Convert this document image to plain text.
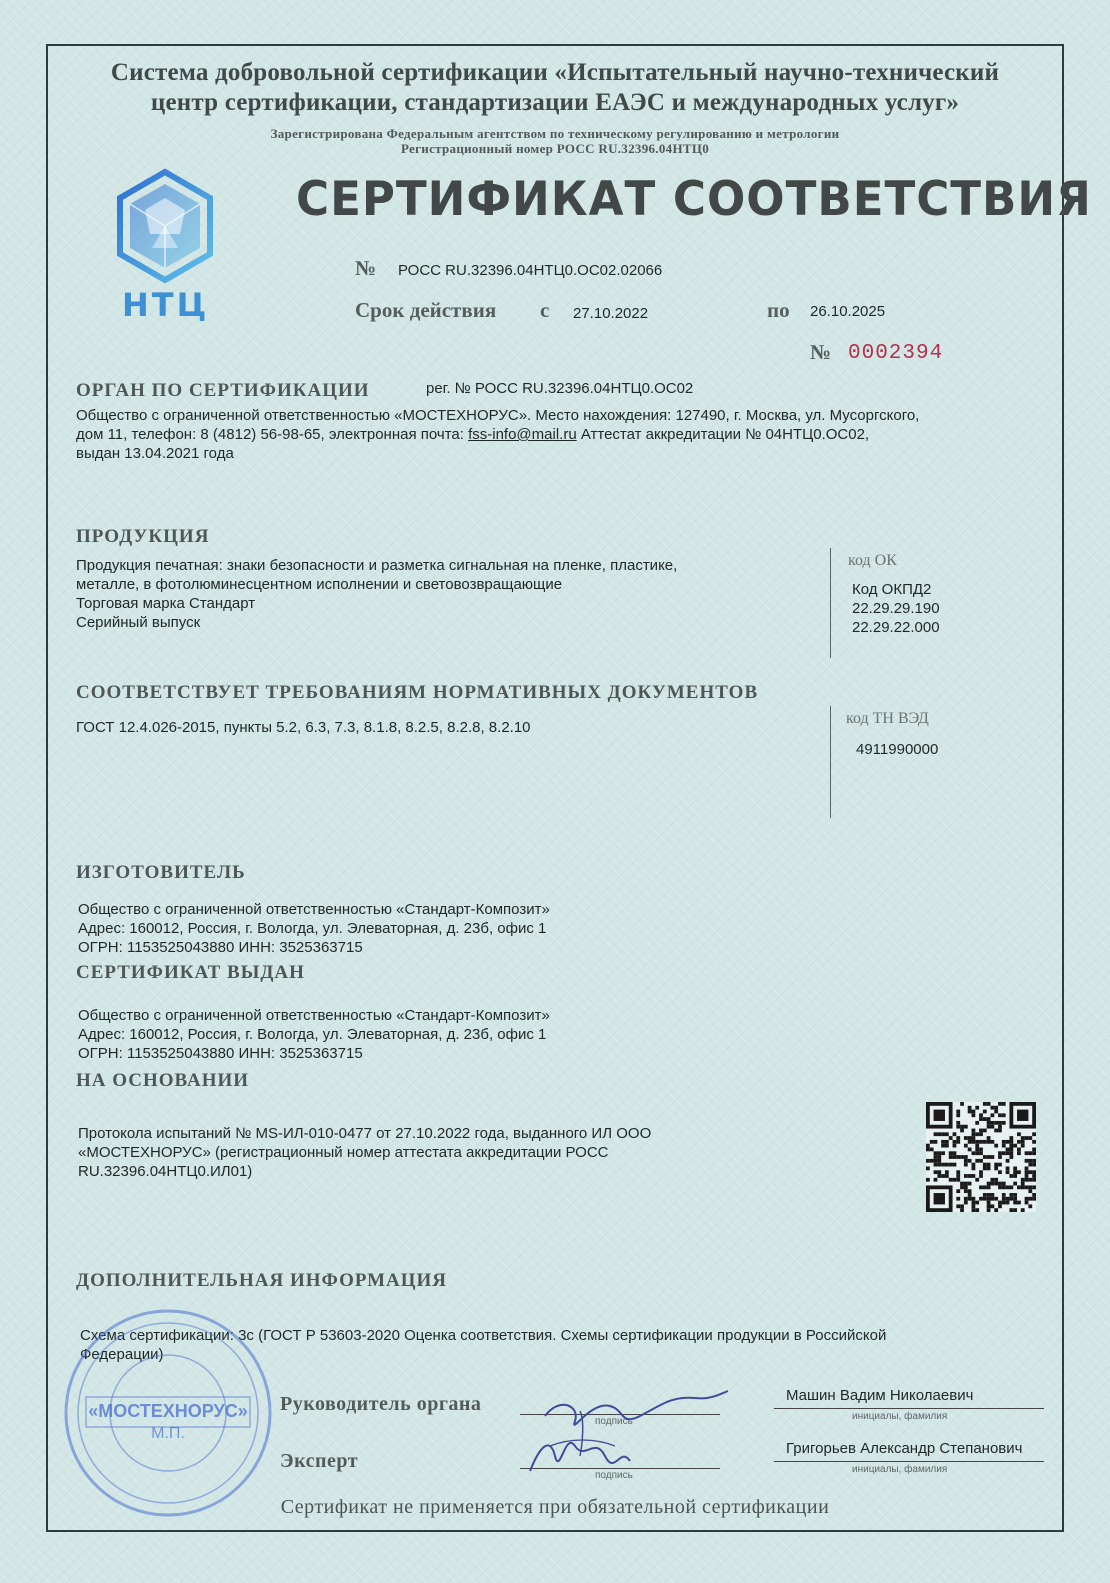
Система добровольной сертификации «Испытательный научно-технический
центр сертификации, стандартизации ЕАЭС и международных услуг»
Зарегистрирована Федеральным агентством по техническому регулированию и метрологии
Регистрационный номер РОСС RU.32396.04НТЦ0
НТЦ
СЕРТИФИКАТ СООТВЕТСТВИЯ
№ РОСС RU.32396.04НТЦ0.ОС02.02066
Срок действия с 27.10.2022	по 26.10.2025
№ 0002394
ОРГАН ПО СЕРТИФИКАЦИИ	рег. № РОСС RU.32396.04НТЦ0.ОС02
Общество с ограниченной ответственностью «МОСТЕХНОРУС». Место нахождения: 127490, г. Москва, ул. Мусоргского,
дом 11, телефон: 8 (4812) 56-98-65, электронная почта: fss-info@mail.ru Аттестат аккредитации № 04НТЦ0.ОС02,
выдан 13.04.2021 года
ПРОДУКЦИЯ
Продукция печатная: знаки безопасности и разметка сигнальная на пленке, пластике,
металле, в фотолюминесцентном исполнении и световозвращающие
Торговая марка Стандарт
Серийный выпуск
код ОК
Код ОКПД2
22.29.29.190
22.29.22.000
СООТВЕТСТВУЕТ ТРЕБОВАНИЯМ НОРМАТИВНЫХ ДОКУМЕНТОВ
ГОСТ 12.4.026-2015, пункты 5.2, 6.3, 7.3, 8.1.8, 8.2.5, 8.2.8, 8.2.10
код ТН ВЭД
4911990000
ИЗГОТОВИТЕЛЬ
Общество с ограниченной ответственностью «Стандарт-Композит»
Адрес: 160012, Россия, г. Вологда, ул. Элеваторная, д. 23б, офис 1
ОГРН: 1153525043880 ИНН: 3525363715
СЕРТИФИКАТ ВЫДАН
Общество с ограниченной ответственностью «Стандарт-Композит»
Адрес: 160012, Россия, г. Вологда, ул. Элеваторная, д. 23б, офис 1
ОГРН: 1153525043880 ИНН: 3525363715
НА ОСНОВАНИИ
Протокола испытаний № MS-ИЛ-010-0477 от 27.10.2022 года, выданного ИЛ ООО
«МОСТЕХНОРУС» (регистрационный номер аттестата аккредитации РОСС
RU.32396.04НТЦ0.ИЛ01)
ДОПОЛНИТЕЛЬНАЯ ИНФОРМАЦИЯ
Схема сертификации: 3с (ГОСТ Р 53603-2020 Оценка соответствия. Схемы сертификации продукции в Российской
Федерации)
«МОСТЕХНОРУС»
М.П.
Руководитель органа
подпись
Машин Вадим Николаевич
инициалы, фамилия
Эксперт
подпись
Григорьев Александр Степанович
инициалы, фамилия
Сертификат не применяется при обязательной сертификации
